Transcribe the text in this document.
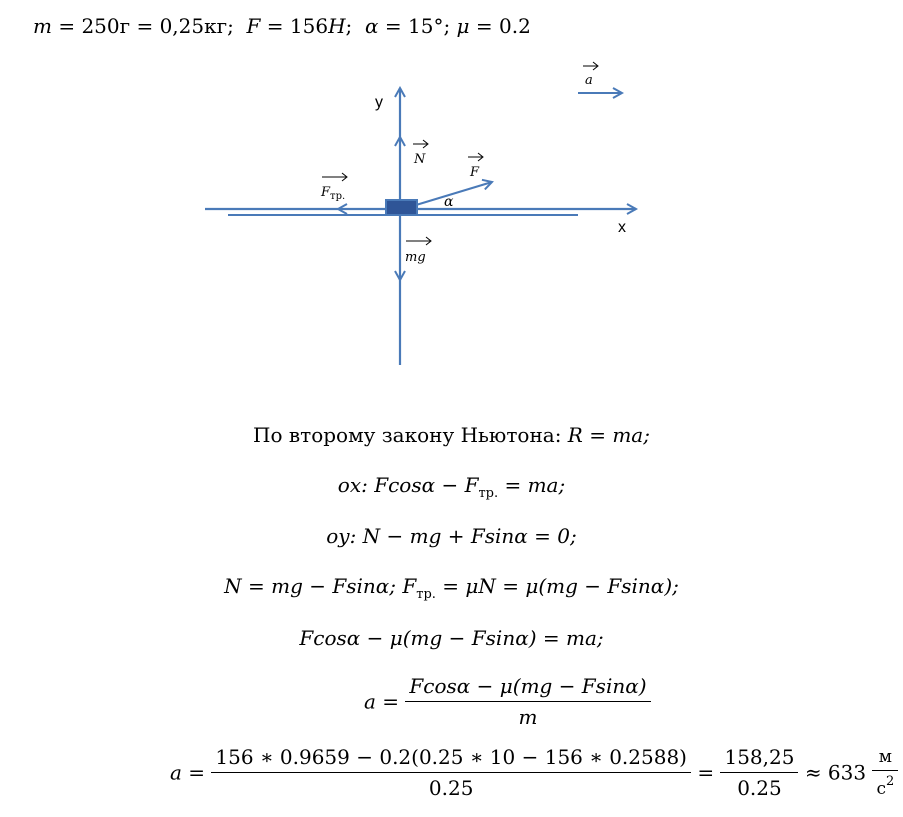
m = 250г = 0,25кг; F = 156H;  α = 15°; μ = 0.2
y
x
a
N
F
$F_{тр.}$
mg
α
По второму закону Ньютона: R = ma;
ox: $Fcos\alpha - F_{тр.}$ = ma;
oy: N − mg + Fsinα = 0;
N = mg − Fsinα; $F_{тр.} = \mu N = \mu(mg - Fsin\alpha)$;
Fcosα − μ(mg − Fsinα) = ma;
$a = \frac{Fcos\alpha - \mu(mg - Fsin\alpha)}{m}$
$a = \frac{156 ∗ 0.9659 - 0.2(0.25 ∗ 10 - 156 ∗ 0.2588)}{0.25} = \frac{158,25}{0.25} \approx 633 \frac{м}{с^2}$
